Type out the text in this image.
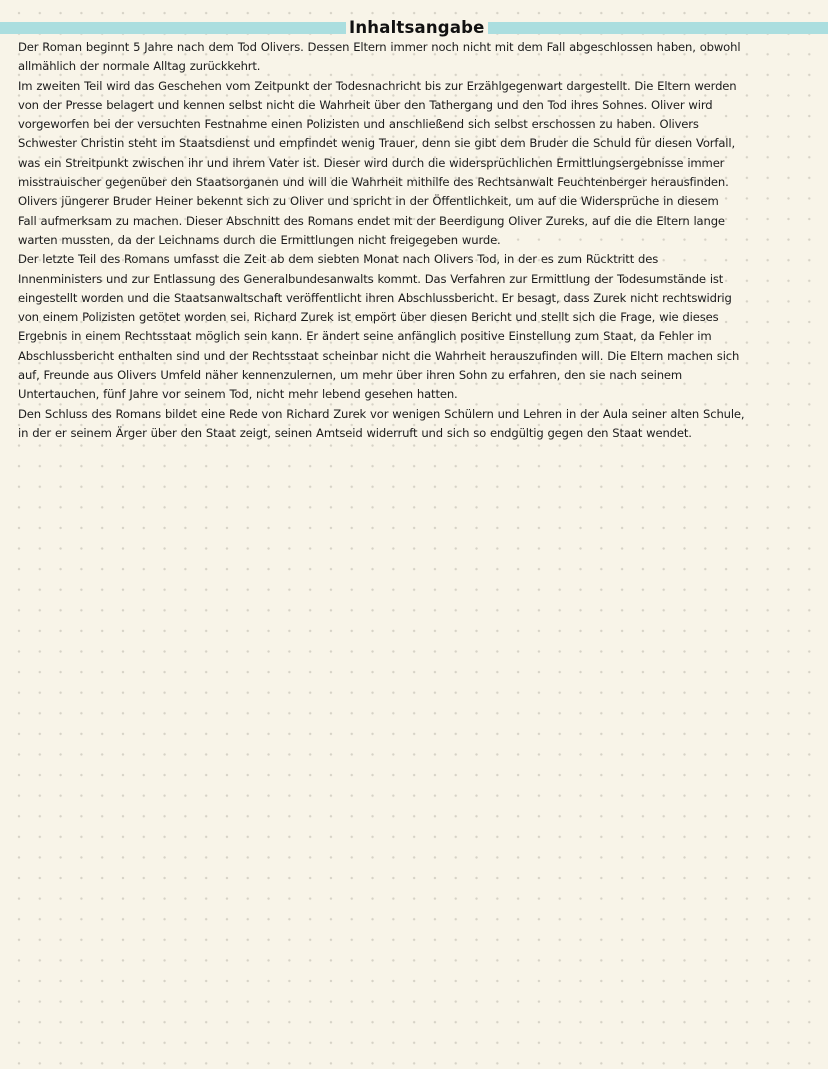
Inhaltsangabe

Der Roman beginnt 5 Jahre nach dem Tod Olivers. Dessen Eltern immer noch nicht mit dem Fall abgeschlossen haben, obwohl
allmählich der normale Alltag zurückkehrt.

Im zweiten Teil wird das Geschehen vom Zeitpunkt der Todesnachricht bis zur Erzählgegenwart dargestellt. Die Eltern werden
von der Presse belagert und kennen selbst nicht die Wahrheit über den Tathergang und den Tod ihres Sohnes. Oliver wird
vorgeworfen bei der versuchten Festnahme einen Polizisten und anschließend sich selbst erschossen zu haben. Olivers
Schwester Christin steht im Staatsdienst und empfindet wenig Trauer, denn sie gibt dem Bruder die Schuld für diesen Vorfall,
was ein Streitpunkt zwischen ihr und ihrem Vater ist. Dieser wird durch die widersprüchlichen Ermittlungsergebnisse immer
misstrauischer gegenüber den Staatsorganen und will die Wahrheit mithilfe des Rechtsanwalt Feuchtenberger herausfinden.
Olivers jüngerer Bruder Heiner bekennt sich zu Oliver und spricht in der Öffentlichkeit, um auf die Widersprüche in diesem
Fall aufmerksam zu machen. Dieser Abschnitt des Romans endet mit der Beerdigung Oliver Zureks, auf die die Eltern lange
warten mussten, da der Leichnams durch die Ermittlungen nicht freigegeben wurde.

Der letzte Teil des Romans umfasst die Zeit ab dem siebten Monat nach Olivers Tod, in der es zum Rücktritt des
Innenministers und zur Entlassung des Generalbundesanwalts kommt. Das Verfahren zur Ermittlung der Todesumstände ist
eingestellt worden und die Staatsanwaltschaft veröffentlicht ihren Abschlussbericht. Er besagt, dass Zurek nicht rechtswidrig
von einem Polizisten getötet worden sei. Richard Zurek ist empört über diesen Bericht und stellt sich die Frage, wie dieses
Ergebnis in einem Rechtsstaat möglich sein kann. Er ändert seine anfänglich positive Einstellung zum Staat, da Fehler im
Abschlussbericht enthalten sind und der Rechtsstaat scheinbar nicht die Wahrheit herauszufinden will. Die Eltern machen sich
auf, Freunde aus Olivers Umfeld näher kennenzulernen, um mehr über ihren Sohn zu erfahren, den sie nach seinem
Untertauchen, fünf Jahre vor seinem Tod, nicht mehr lebend gesehen hatten.

Den Schluss des Romans bildet eine Rede von Richard Zurek vor wenigen Schülern und Lehren in der Aula seiner alten Schule,
in der er seinem Ärger über den Staat zeigt, seinen Amtseid widerruft und sich so endgültig gegen den Staat wendet.
